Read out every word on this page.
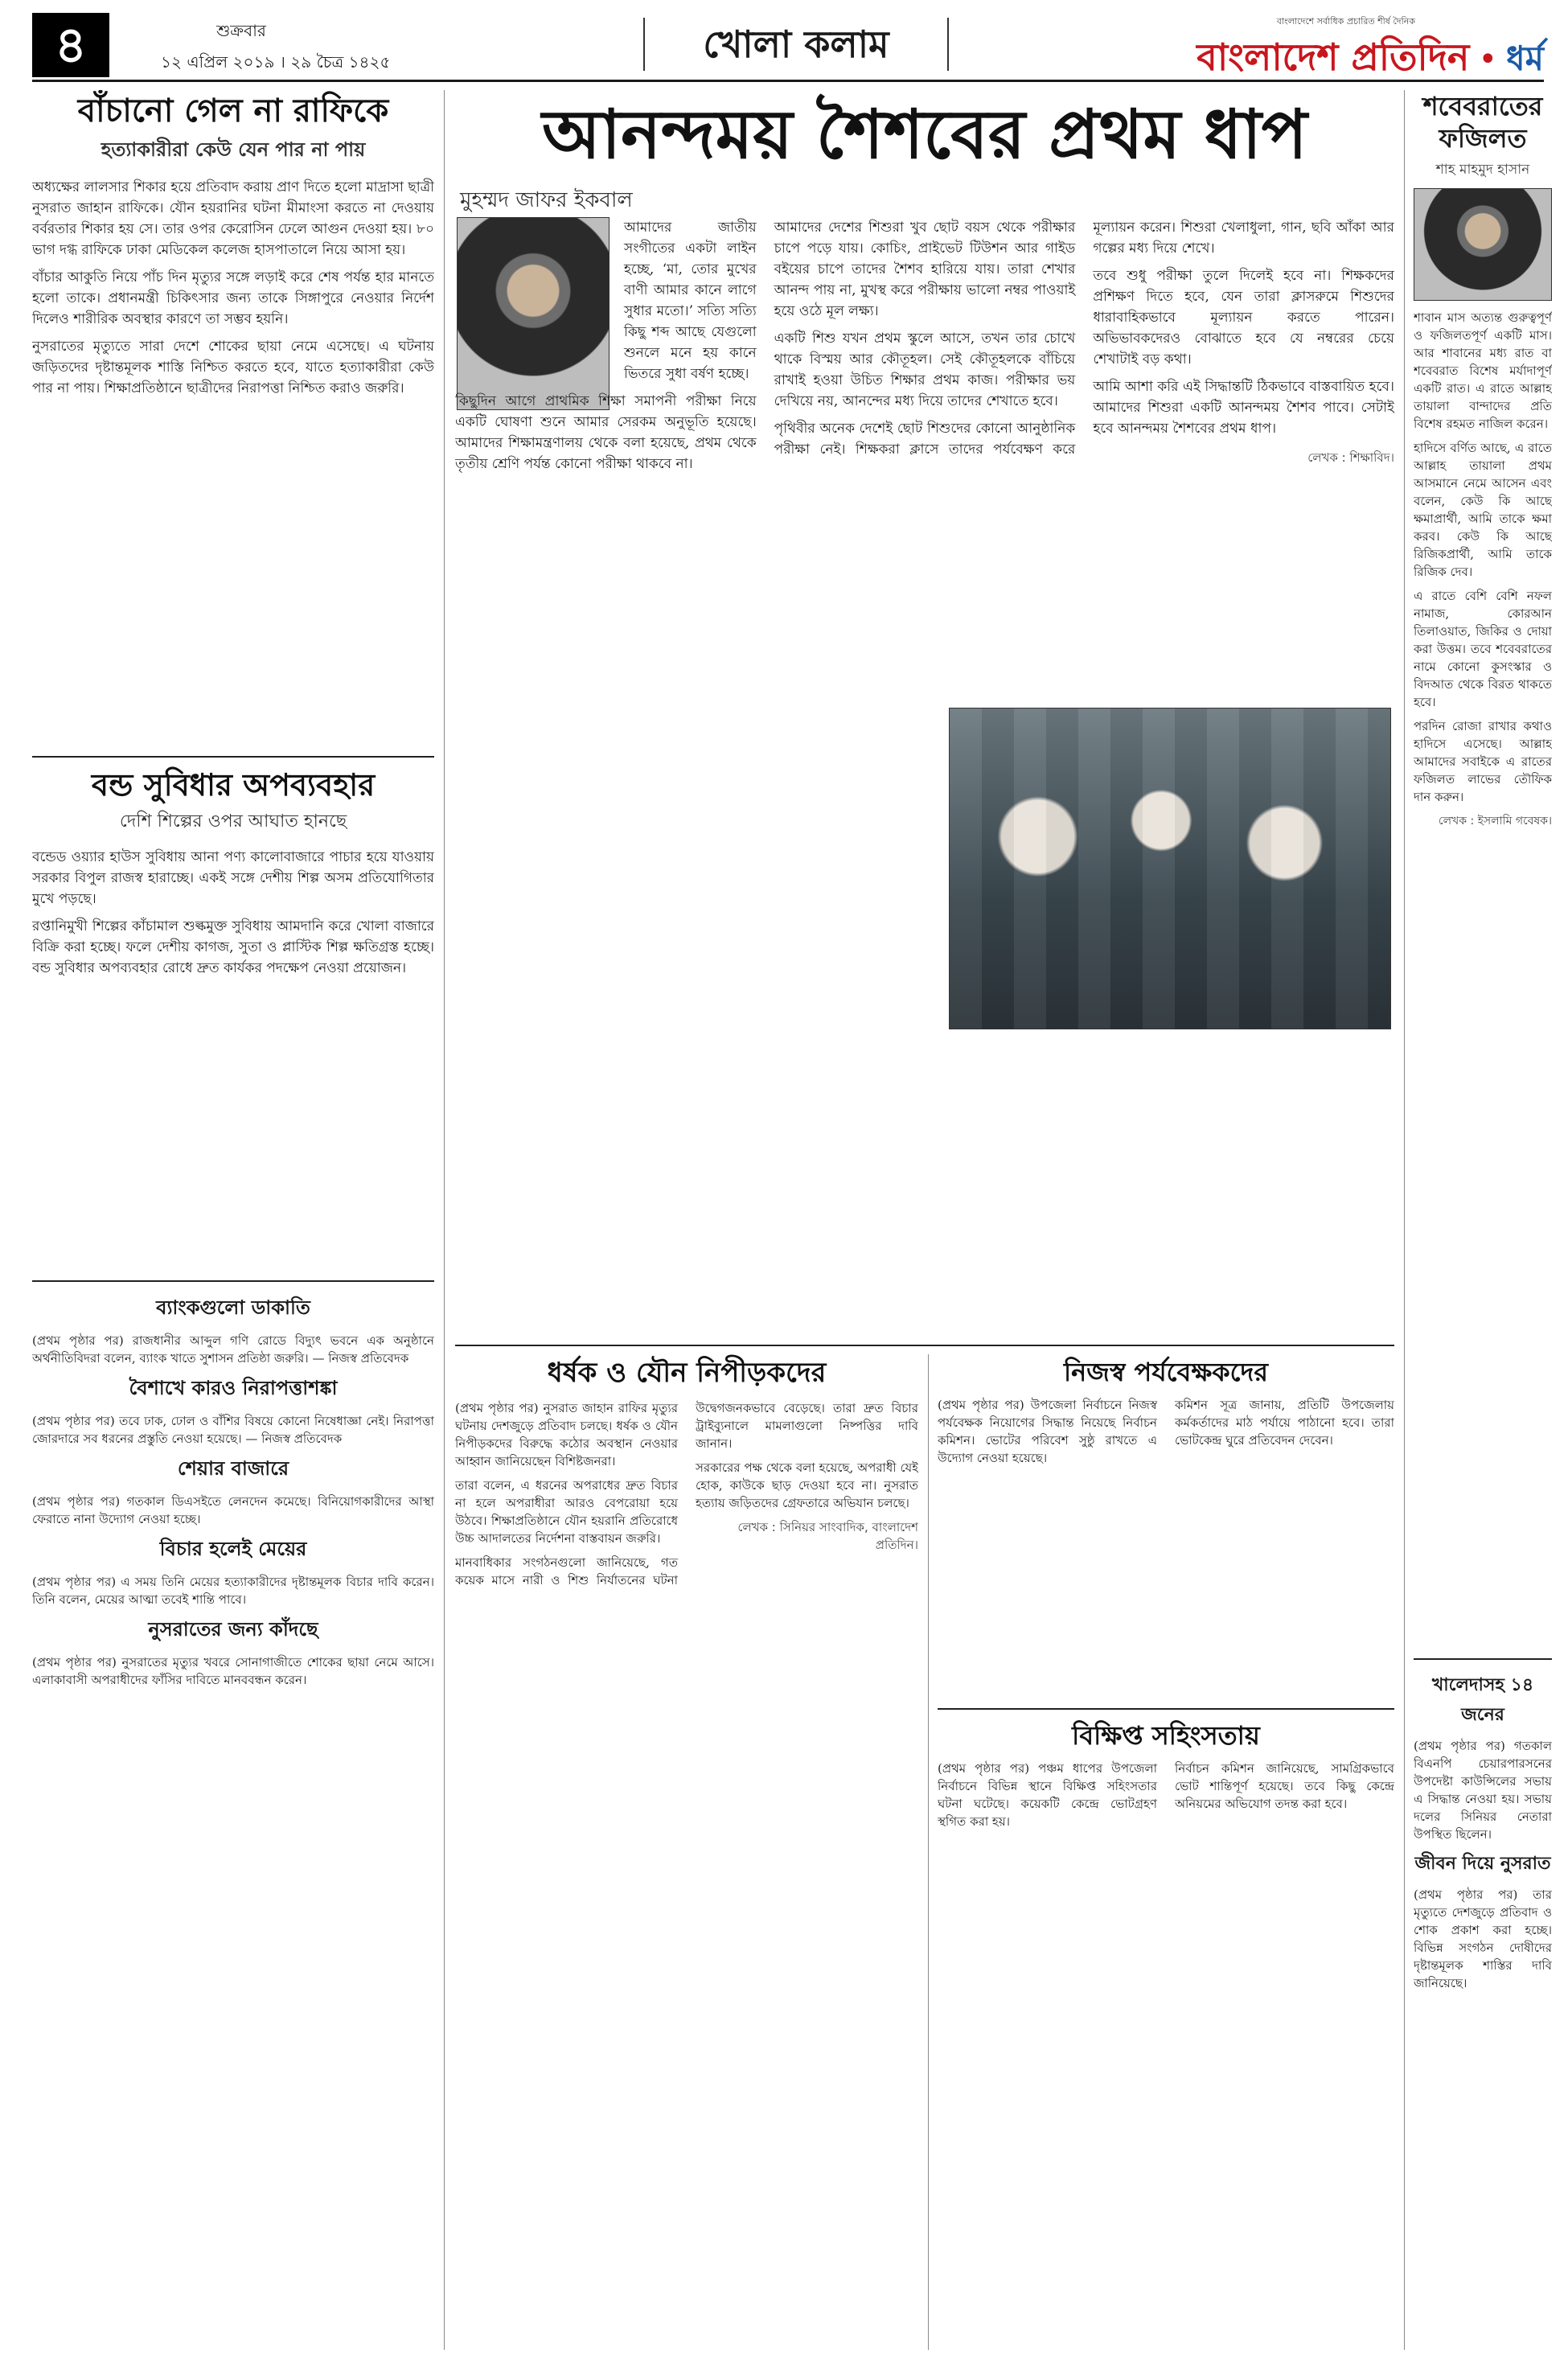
৪	শুক্রবার
১২ এপ্রিল ২০১৯ । ২৯ চৈত্র ১৪২৫	খোলা কলাম
বাংলাদেশে সর্বাধিক প্রচারিত শীর্ষ দৈনিক
বাংলাদেশ প্রতিদিন • ধর্ম
বাঁচানো গেল না রাফিকে
হত্যাকারীরা কেউ যেন পার না পায়

অধ্যক্ষের লালসার শিকার হয়ে প্রতিবাদ করায় প্রাণ দিতে হলো মাদ্রাসা ছাত্রী নুসরাত জাহান রাফিকে। যৌন হয়রানির ঘটনা মীমাংসা করতে না দেওয়ায় বর্বরতার শিকার হয় সে। তার ওপর কেরোসিন ঢেলে আগুন দেওয়া হয়। ৮০ ভাগ দগ্ধ রাফিকে ঢাকা মেডিকেল কলেজ হাসপাতালে নিয়ে আসা হয়।

বাঁচার আকুতি নিয়ে পাঁচ দিন মৃত্যুর সঙ্গে লড়াই করে শেষ পর্যন্ত হার মানতে হলো তাকে। প্রধানমন্ত্রী চিকিৎসার জন্য তাকে সিঙ্গাপুরে নেওয়ার নির্দেশ দিলেও শারীরিক অবস্থার কারণে তা সম্ভব হয়নি।

নুসরাতের মৃত্যুতে সারা দেশে শোকের ছায়া নেমে এসেছে। এ ঘটনায় জড়িতদের দৃষ্টান্তমূলক শাস্তি নিশ্চিত করতে হবে, যাতে হত্যাকারীরা কেউ পার না পায়। শিক্ষাপ্রতিষ্ঠানে ছাত্রীদের নিরাপত্তা নিশ্চিত করাও জরুরি।

বন্ড সুবিধার অপব্যবহার
দেশি শিল্পের ওপর আঘাত হানছে

বন্ডেড ওয়্যার হাউস সুবিধায় আনা পণ্য কালোবাজারে পাচার হয়ে যাওয়ায় সরকার বিপুল রাজস্ব হারাচ্ছে। একই সঙ্গে দেশীয় শিল্প অসম প্রতিযোগিতার মুখে পড়ছে।

রপ্তানিমুখী শিল্পের কাঁচামাল শুল্কমুক্ত সুবিধায় আমদানি করে খোলা বাজারে বিক্রি করা হচ্ছে। ফলে দেশীয় কাগজ, সুতা ও প্লাস্টিক শিল্প ক্ষতিগ্রস্ত হচ্ছে। বন্ড সুবিধার অপব্যবহার রোধে দ্রুত কার্যকর পদক্ষেপ নেওয়া প্রয়োজন।

ব্যাংকগুলো ডাকাতি

(প্রথম পৃষ্ঠার পর) রাজধানীর আব্দুল গণি রোডে বিদ্যুৎ ভবনে এক অনুষ্ঠানে অর্থনীতিবিদরা বলেন, ব্যাংক খাতে সুশাসন প্রতিষ্ঠা জরুরি। — নিজস্ব প্রতিবেদক

বৈশাখে কারও নিরাপত্তাশঙ্কা

(প্রথম পৃষ্ঠার পর) তবে ঢাক, ঢোল ও বাঁশির বিষয়ে কোনো নিষেধাজ্ঞা নেই। নিরাপত্তা জোরদারে সব ধরনের প্রস্তুতি নেওয়া হয়েছে। — নিজস্ব প্রতিবেদক

শেয়ার বাজারে

(প্রথম পৃষ্ঠার পর) গতকাল ডিএসইতে লেনদেন কমেছে। বিনিয়োগকারীদের আস্থা ফেরাতে নানা উদ্যোগ নেওয়া হচ্ছে।

বিচার হলেই মেয়ের

(প্রথম পৃষ্ঠার পর) এ সময় তিনি মেয়ের হত্যাকারীদের দৃষ্টান্তমূলক বিচার দাবি করেন। তিনি বলেন, মেয়ের আত্মা তবেই শান্তি পাবে।

নুসরাতের জন্য কাঁদছে

(প্রথম পৃষ্ঠার পর) নুসরাতের মৃত্যুর খবরে সোনাগাজীতে শোকের ছায়া নেমে আসে। এলাকাবাসী অপরাধীদের ফাঁসির দাবিতে মানববন্ধন করেন।

আনন্দময় শৈশবের প্রথম ধাপ
মুহম্মদ জাফর ইকবাল

আমাদের জাতীয় সংগীতের একটা লাইন হচ্ছে, ‘মা, তোর মুখের বাণী আমার কানে লাগে সুধার মতো।’ সত্যি সত্যি কিছু শব্দ আছে যেগুলো শুনলে মনে হয় কানে ভিতরে সুধা বর্ষণ হচ্ছে।

কিছুদিন আগে প্রাথমিক শিক্ষা সমাপনী পরীক্ষা নিয়ে একটি ঘোষণা শুনে আমার সেরকম অনুভূতি হয়েছে। আমাদের শিক্ষামন্ত্রণালয় থেকে বলা হয়েছে, প্রথম থেকে তৃতীয় শ্রেণি পর্যন্ত কোনো পরীক্ষা থাকবে না।

আমাদের দেশের শিশুরা খুব ছোট বয়স থেকে পরীক্ষার চাপে পড়ে যায়। কোচিং, প্রাইভেট টিউশন আর গাইড বইয়ের চাপে তাদের শৈশব হারিয়ে যায়। তারা শেখার আনন্দ পায় না, মুখস্থ করে পরীক্ষায় ভালো নম্বর পাওয়াই হয়ে ওঠে মূল লক্ষ্য।

একটি শিশু যখন প্রথম স্কুলে আসে, তখন তার চোখে থাকে বিস্ময় আর কৌতূহল। সেই কৌতূহলকে বাঁচিয়ে রাখাই হওয়া উচিত শিক্ষার প্রথম কাজ। পরীক্ষার ভয় দেখিয়ে নয়, আনন্দের মধ্য দিয়ে তাদের শেখাতে হবে।

পৃথিবীর অনেক দেশেই ছোট শিশুদের কোনো আনুষ্ঠানিক পরীক্ষা নেই। শিক্ষকরা ক্লাসে তাদের পর্যবেক্ষণ করে মূল্যায়ন করেন। শিশুরা খেলাধুলা, গান, ছবি আঁকা আর গল্পের মধ্য দিয়ে শেখে।

তবে শুধু পরীক্ষা তুলে দিলেই হবে না। শিক্ষকদের প্রশিক্ষণ দিতে হবে, যেন তারা ক্লাসরুমে শিশুদের ধারাবাহিকভাবে মূল্যায়ন করতে পারেন। অভিভাবকদেরও বোঝাতে হবে যে নম্বরের চেয়ে শেখাটাই বড় কথা।

আমি আশা করি এই সিদ্ধান্তটি ঠিকভাবে বাস্তবায়িত হবে। আমাদের শিশুরা একটি আনন্দময় শৈশব পাবে। সেটাই হবে আনন্দময় শৈশবের প্রথম ধাপ।

লেখক : শিক্ষাবিদ।

ধর্ষক ও যৌন নিপীড়কদের

(প্রথম পৃষ্ঠার পর) নুসরাত জাহান রাফির মৃত্যুর ঘটনায় দেশজুড়ে প্রতিবাদ চলছে। ধর্ষক ও যৌন নিপীড়কদের বিরুদ্ধে কঠোর অবস্থান নেওয়ার আহ্বান জানিয়েছেন বিশিষ্টজনরা।

তারা বলেন, এ ধরনের অপরাধের দ্রুত বিচার না হলে অপরাধীরা আরও বেপরোয়া হয়ে উঠবে। শিক্ষাপ্রতিষ্ঠানে যৌন হয়রানি প্রতিরোধে উচ্চ আদালতের নির্দেশনা বাস্তবায়ন জরুরি।

মানবাধিকার সংগঠনগুলো জানিয়েছে, গত কয়েক মাসে নারী ও শিশু নির্যাতনের ঘটনা উদ্বেগজনকভাবে বেড়েছে। তারা দ্রুত বিচার ট্রাইব্যুনালে মামলাগুলো নিষ্পত্তির দাবি জানান।

সরকারের পক্ষ থেকে বলা হয়েছে, অপরাধী যেই হোক, কাউকে ছাড় দেওয়া হবে না। নুসরাত হত্যায় জড়িতদের গ্রেফতারে অভিযান চলছে।

লেখক : সিনিয়র সাংবাদিক, বাংলাদেশ প্রতিদিন।

নিজস্ব পর্যবেক্ষকদের

(প্রথম পৃষ্ঠার পর) উপজেলা নির্বাচনে নিজস্ব পর্যবেক্ষক নিয়োগের সিদ্ধান্ত নিয়েছে নির্বাচন কমিশন। ভোটের পরিবেশ সুষ্ঠু রাখতে এ উদ্যোগ নেওয়া হয়েছে।

কমিশন সূত্র জানায়, প্রতিটি উপজেলায় কর্মকর্তাদের মাঠ পর্যায়ে পাঠানো হবে। তারা ভোটকেন্দ্র ঘুরে প্রতিবেদন দেবেন।

বিক্ষিপ্ত সহিংসতায়

(প্রথম পৃষ্ঠার পর) পঞ্চম ধাপের উপজেলা নির্বাচনে বিভিন্ন স্থানে বিক্ষিপ্ত সহিংসতার ঘটনা ঘটেছে। কয়েকটি কেন্দ্রে ভোটগ্রহণ স্থগিত করা হয়।

নির্বাচন কমিশন জানিয়েছে, সামগ্রিকভাবে ভোট শান্তিপূর্ণ হয়েছে। তবে কিছু কেন্দ্রে অনিয়মের অভিযোগ তদন্ত করা হবে।

শবেবরাতের ফজিলত
শাহ মাহমুদ হাসান

শাবান মাস অত্যন্ত গুরুত্বপূর্ণ ও ফজিলতপূর্ণ একটি মাস। আর শাবানের মধ্য রাত বা শবেবরাত বিশেষ মর্যাদাপূর্ণ একটি রাত। এ রাতে আল্লাহ তায়ালা বান্দাদের প্রতি বিশেষ রহমত নাজিল করেন।

হাদিসে বর্ণিত আছে, এ রাতে আল্লাহ তায়ালা প্রথম আসমানে নেমে আসেন এবং বলেন, কেউ কি আছে ক্ষমাপ্রার্থী, আমি তাকে ক্ষমা করব। কেউ কি আছে রিজিকপ্রার্থী, আমি তাকে রিজিক দেব।

এ রাতে বেশি বেশি নফল নামাজ, কোরআন তিলাওয়াত, জিকির ও দোয়া করা উত্তম। তবে শবেবরাতের নামে কোনো কুসংস্কার ও বিদআত থেকে বিরত থাকতে হবে।

পরদিন রোজা রাখার কথাও হাদিসে এসেছে। আল্লাহ আমাদের সবাইকে এ রাতের ফজিলত লাভের তৌফিক দান করুন।

লেখক : ইসলামি গবেষক।

খালেদাসহ ১৪ জনের

(প্রথম পৃষ্ঠার পর) গতকাল বিএনপি চেয়ারপারসনের উপদেষ্টা কাউন্সিলের সভায় এ সিদ্ধান্ত নেওয়া হয়। সভায় দলের সিনিয়র নেতারা উপস্থিত ছিলেন।

জীবন দিয়ে নুসরাত

(প্রথম পৃষ্ঠার পর) তার মৃত্যুতে দেশজুড়ে প্রতিবাদ ও শোক প্রকাশ করা হচ্ছে। বিভিন্ন সংগঠন দোষীদের দৃষ্টান্তমূলক শাস্তির দাবি জানিয়েছে।
